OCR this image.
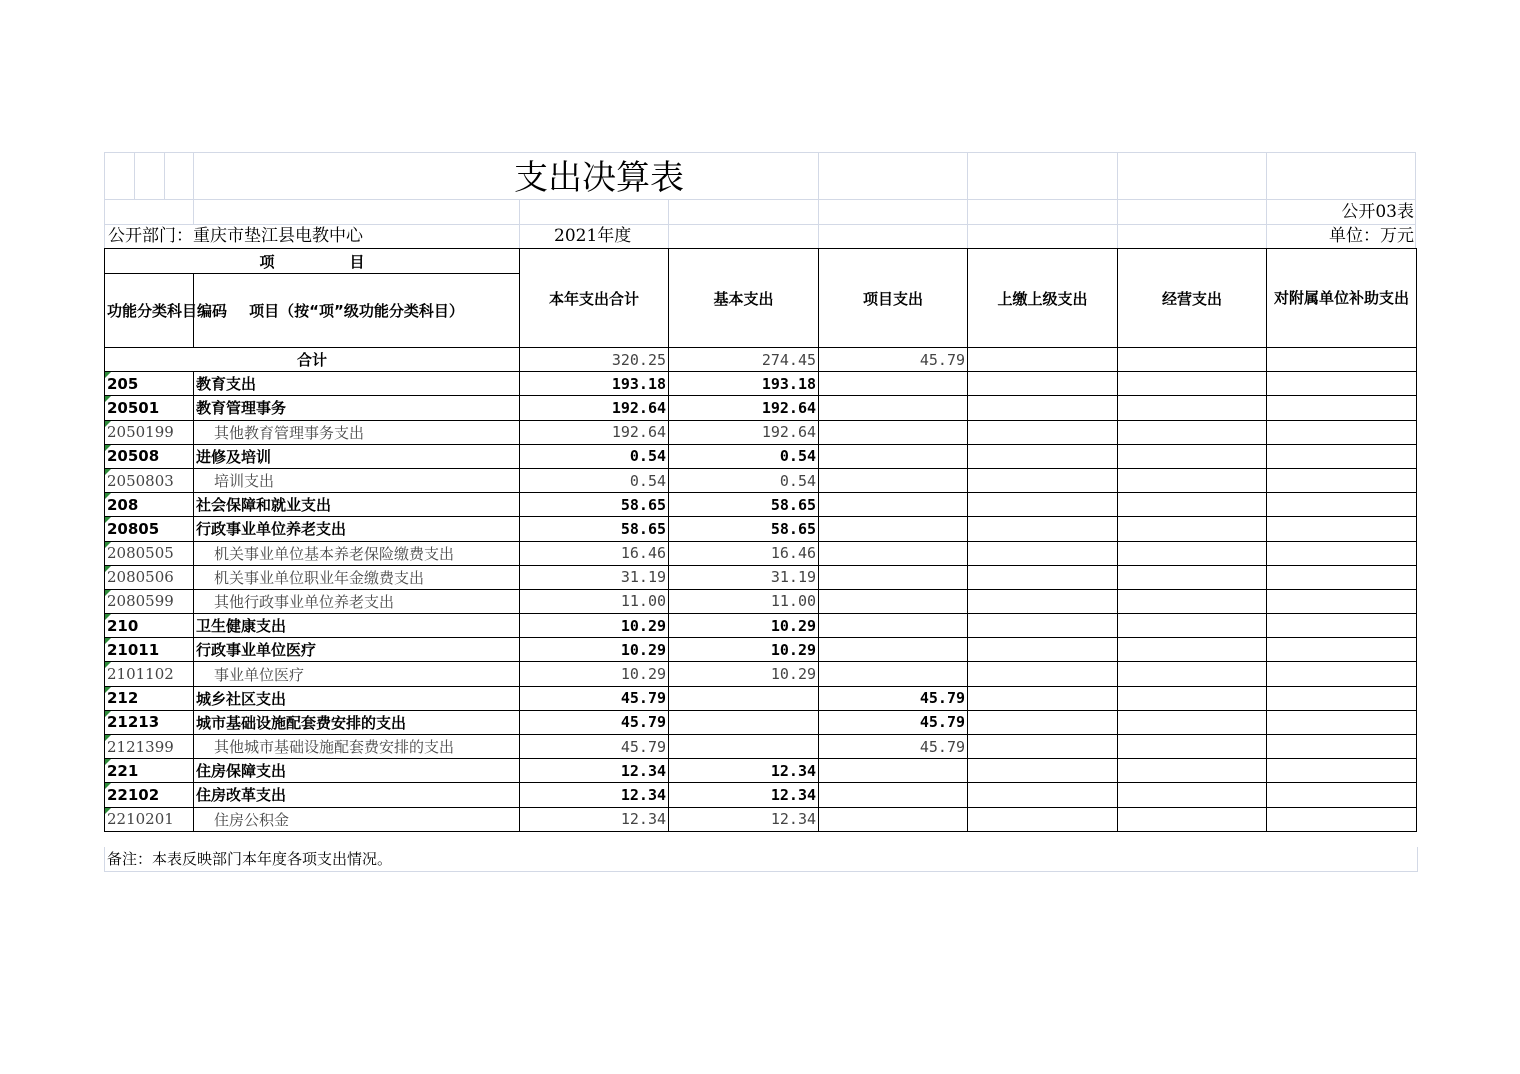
支出决算表
公开03表
公开部门：重庆市垫江县电教中心	2021年度	单位：万元
项　　　　　目		本年支出合计	基本支出	项目支出	上缴上级支出	经营支出	对附属单位补助支出
功能分类科目编码	项目（按“项”级功能分类科目）						
合计		320.25	274.45	45.79			
205	教育支出	193.18	193.18				
20501	教育管理事务	192.64	192.64				
2050199	其他教育管理事务支出	192.64	192.64				
20508	进修及培训	0.54	0.54				
2050803	培训支出	0.54	0.54				
208	社会保障和就业支出	58.65	58.65				
20805	行政事业单位养老支出	58.65	58.65				
2080505	机关事业单位基本养老保险缴费支出	16.46	16.46				
2080506	机关事业单位职业年金缴费支出	31.19	31.19				
2080599	其他行政事业单位养老支出	11.00	11.00				
210	卫生健康支出	10.29	10.29				
21011	行政事业单位医疗	10.29	10.29				
2101102	事业单位医疗	10.29	10.29				
212	城乡社区支出	45.79		45.79			
21213	城市基础设施配套费安排的支出	45.79		45.79			
2121399	其他城市基础设施配套费安排的支出	45.79		45.79			
221	住房保障支出	12.34	12.34				
22102	住房改革支出	12.34	12.34				
2210201	住房公积金	12.34	12.34				
备注：本表反映部门本年度各项支出情况。
